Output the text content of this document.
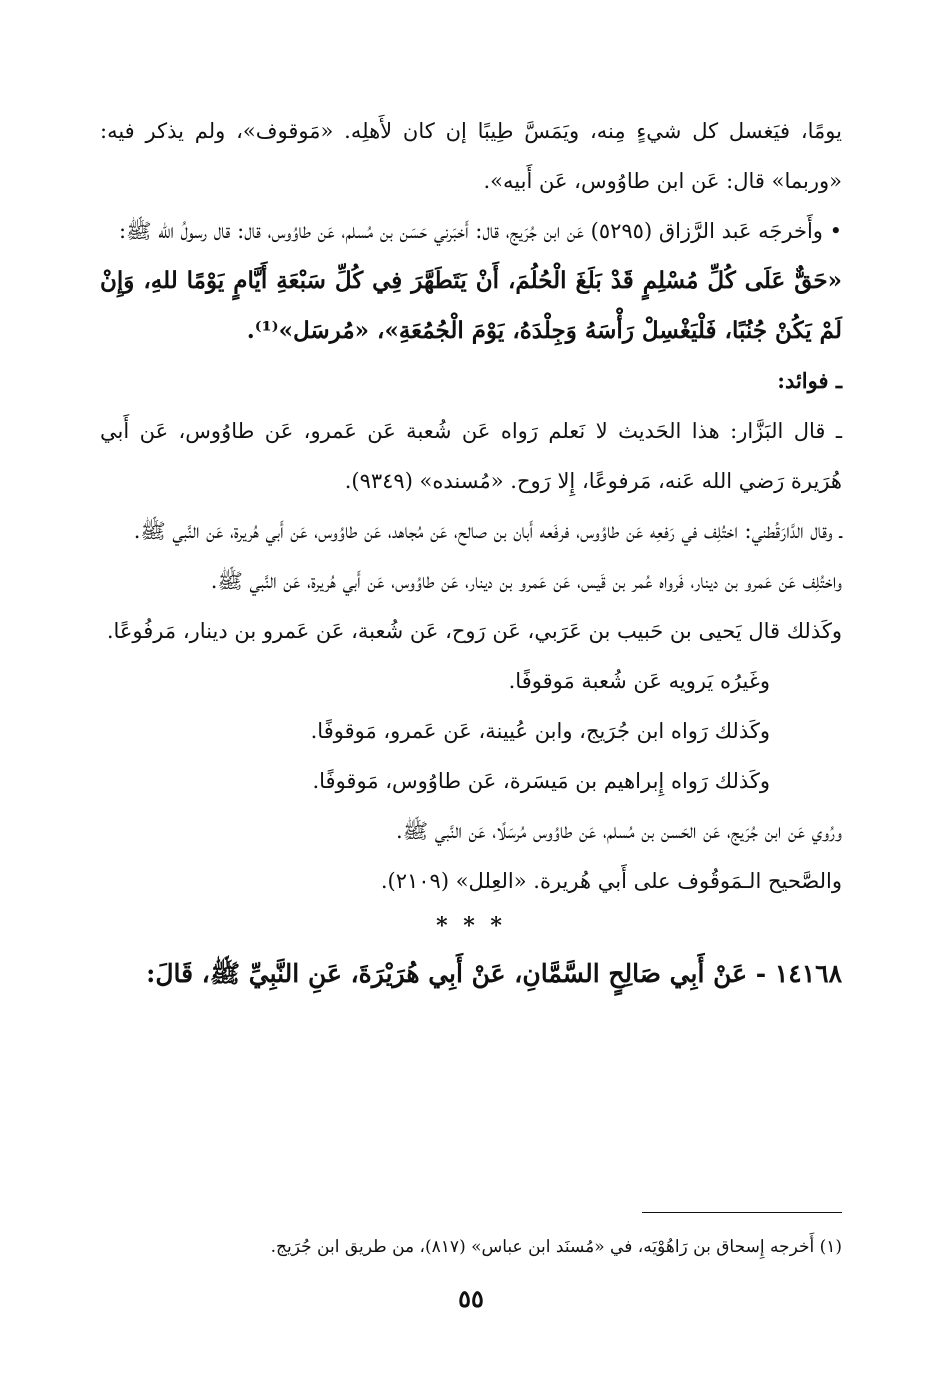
يومًا، فيَغسل كل شيءٍ مِنه، ويَمَسَّ طِيبًا إن كان لأَهلِه. «مَوقوف»، ولم يذكر فيه: «وربما» قال: عَن ابن طاوُوس، عَن أَبيه».

• وأَخرجَه عَبد الرَّزاق (٥٢٩٥) عَن ابن جُرَيج، قال: أَخبَرني حَسَن بن مُسلم، عَن طاوُوس، قال: قال رسولُ الله ﷺ:

«حَقٌّ عَلَى كُلِّ مُسْلِمٍ قَدْ بَلَغَ الْحُلُمَ، أَنْ يَتَطَهَّرَ فِي كُلِّ سَبْعَةِ أَيَّامٍ يَوْمًا للهِ، وَإِنْ لَمْ يَكُنْ جُنُبًا، فَلْيَغْسِلْ رَأْسَهُ وَجِلْدَهُ، يَوْمَ الْجُمُعَةِ»، «مُرسَل»⁽¹⁾.

ـ فوائد:

ـ قال البَزَّار: هذا الحَديث لا نَعلم رَواه عَن شُعبة عَن عَمرو، عَن طاوُوس، عَن أَبي هُرَيرة رَضي الله عَنه، مَرفوعًا، إِلا رَوح. «مُسنده» (٩٣٤٩).

ـ وقال الدَّارَقُطني: اختُلِف في رَفعِه عَن طاوُوس، فرفَعه أَبان بن صالح، عَن مُجاهد، عَن طاوُوس، عَن أَبي هُريرة، عَن النَّبي ﷺ.

واختُلِف عَن عَمرو بن دينار، فَرواه عُمر بن قَيس، عَن عَمرو بن دينار، عَن طاوُوس، عَن أَبي هُريرة، عَن النَّبي ﷺ.

وكَذلك قال يَحيى بن حَبيب بن عَرَبي، عَن رَوح، عَن شُعبة، عَن عَمرو بن دينار، مَرفُوعًا.

وغَيرُه يَرويه عَن شُعبة مَوقوفًا.

وكَذلك رَواه ابن جُرَيج، وابن عُيينة، عَن عَمرو، مَوقوفًا.

وكَذلك رَواه إِبراهيم بن مَيسَرة، عَن طاوُوس، مَوقوفًا.

ورُوي عَن ابن جُرَيج، عَن الحَسن بن مُسلم، عَن طاوُوس مُرسَلًا، عَن النَّبي ﷺ.

والصَّحيح الـمَوقُوف على أَبي هُريرة. «العِلل» (٢١٠٩).

* * *

١٤١٦٨ - عَنْ أَبِي صَالِحٍ السَّمَّانِ، عَنْ أَبِي هُرَيْرَةَ، عَنِ النَّبِيِّ ﷺ، قَالَ:

(١) أَخرجه إِسحاق بن رَاهُوْيَه، في «مُسنَد ابن عباس» (٨١٧)، من طريق ابن جُرَيج.
٥٥
